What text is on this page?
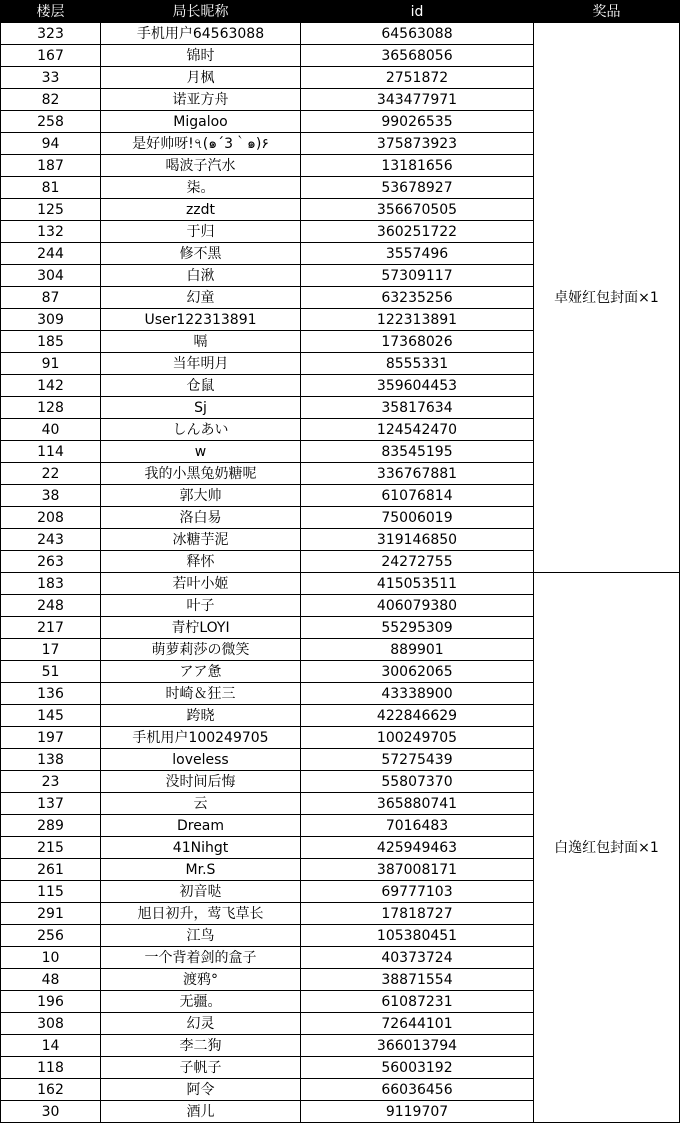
楼层	局长昵称	id	奖品
323	手机用户64563088	64563088	卓娅红包封面×1
167	锦时	36568056	
33	月枫	2751872	
82	诺亚方舟	343477971	
258	Migaloo	99026535	
94	是好帅呀!৭(๑´3｀๑)۶	375873923	
187	喝波子汽水	13181656	
81	柒。	53678927	
125	zzdt	356670505	
132	于归	360251722	
244	修不黑	3557496	
304	白湫	57309117	
87	幻童	63235256	
309	User122313891	122313891	
185	嗝	17368026	
91	当年明月	8555331	
142	仓鼠	359604453	
128	Sj	35817634	
40	しんあい	124542470	
114	w	83545195	
22	我的小黑兔奶糖呢	336767881	
38	郭大帅	61076814	
208	洛白易	75006019	
243	冰糖芋泥	319146850	
263	释怀	24272755	
183	若叶小姬	415053511	白逸红包封面×1
248	叶子	406079380	
217	青柠LOYI	55295309	
17	萌萝莉莎の微笑	889901	
51	アア惫	30062065	
136	时崎＆狂三	43338900	
145	跨晓	422846629	
197	手机用户100249705	100249705	
138	loveless	57275439	
23	没时间后悔	55807370	
137	云	365880741	
289	Dream	7016483	
215	41Nihgt	425949463	
261	Mr.S	387008171	
115	初音哒	69777103	
291	旭日初升，莺飞草长	17818727	
256	江鸟	105380451	
10	一个背着剑的盒子	40373724	
48	渡鸦°	38871554	
196	无疆。	61087231	
308	幻灵	72644101	
14	李二狗	366013794	
118	子帆子	56003192	
162	阿令	66036456	
30	酒儿	9119707	
